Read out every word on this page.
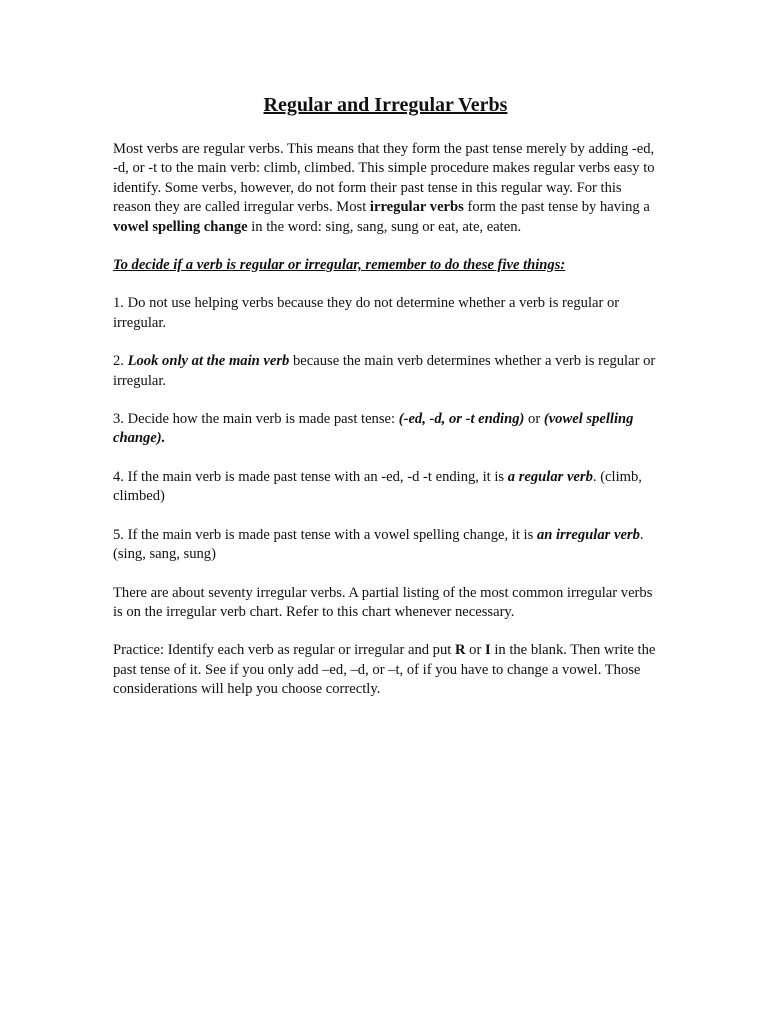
Regular and Irregular Verbs

Most verbs are regular verbs. This means that they form the past tense merely by adding -ed, -d, or -t to the main verb: climb, climbed. This simple procedure makes regular verbs easy to identify. Some verbs, however, do not form their past tense in this regular way. For this reason they are called irregular verbs. Most irregular verbs form the past tense by having a vowel spelling change in the word: sing, sang, sung or eat, ate, eaten.

To decide if a verb is regular or irregular, remember to do these five things:

1. Do not use helping verbs because they do not determine whether a verb is regular or irregular.

2. Look only at the main verb because the main verb determines whether a verb is regular or irregular.

3. Decide how the main verb is made past tense: (-ed, -d, or -t ending) or (vowel spelling change).

4. If the main verb is made past tense with an -ed, -d -t ending, it is a regular verb. (climb, climbed)

5. If the main verb is made past tense with a vowel spelling change, it is an irregular verb. (sing, sang, sung)

There are about seventy irregular verbs. A partial listing of the most common irregular verbs is on the irregular verb chart. Refer to this chart whenever necessary.

Practice: Identify each verb as regular or irregular and put R or I in the blank. Then write the past tense of it. See if you only add –ed, –d, or –t, of if you have to change a vowel. Those considerations will help you choose correctly.
